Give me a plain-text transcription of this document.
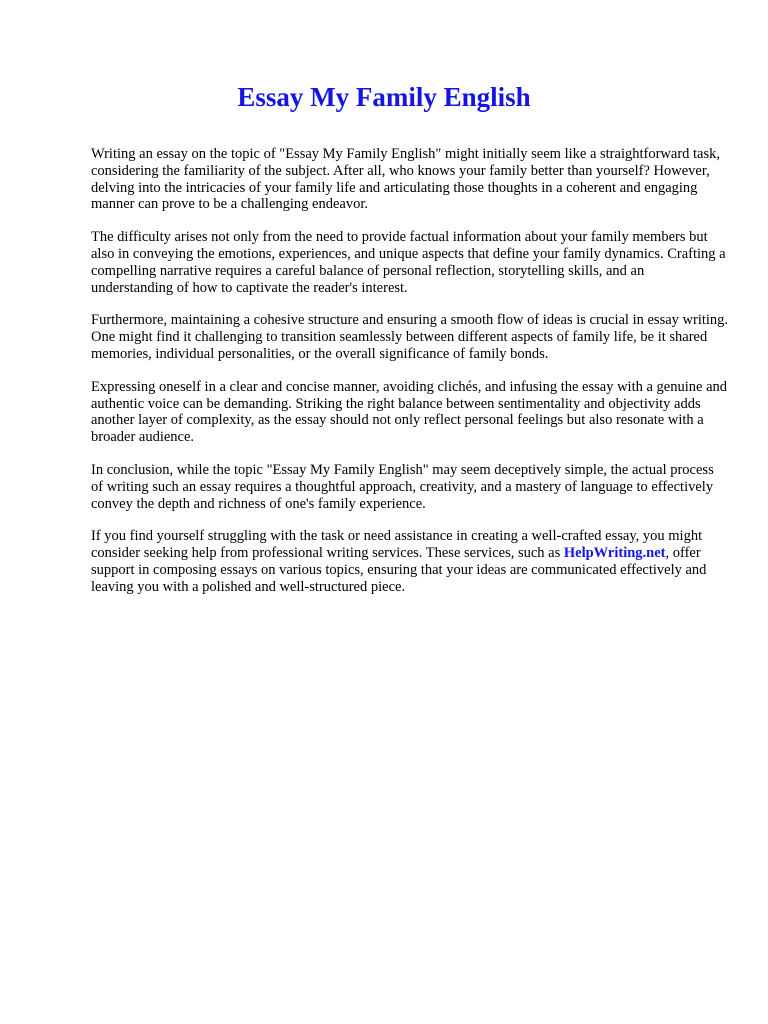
Essay My Family English

Writing an essay on the topic of "Essay My Family English" might initially seem like a straightforward task, considering the familiarity of the subject. After all, who knows your family better than yourself? However, delving into the intricacies of your family life and articulating those thoughts in a coherent and engaging manner can prove to be a challenging endeavor.

The difficulty arises not only from the need to provide factual information about your family members but also in conveying the emotions, experiences, and unique aspects that define your family dynamics. Crafting a compelling narrative requires a careful balance of personal reflection, storytelling skills, and an understanding of how to captivate the reader's interest.

Furthermore, maintaining a cohesive structure and ensuring a smooth flow of ideas is crucial in essay writing. One might find it challenging to transition seamlessly between different aspects of family life, be it shared memories, individual personalities, or the overall significance of family bonds.

Expressing oneself in a clear and concise manner, avoiding clichés, and infusing the essay with a genuine and authentic voice can be demanding. Striking the right balance between sentimentality and objectivity adds another layer of complexity, as the essay should not only reflect personal feelings but also resonate with a broader audience.

In conclusion, while the topic "Essay My Family English" may seem deceptively simple, the actual process of writing such an essay requires a thoughtful approach, creativity, and a mastery of language to effectively convey the depth and richness of one's family experience.

If you find yourself struggling with the task or need assistance in creating a well-crafted essay, you might consider seeking help from professional writing services. These services, such as HelpWriting.net, offer support in composing essays on various topics, ensuring that your ideas are communicated effectively and leaving you with a polished and well-structured piece.
